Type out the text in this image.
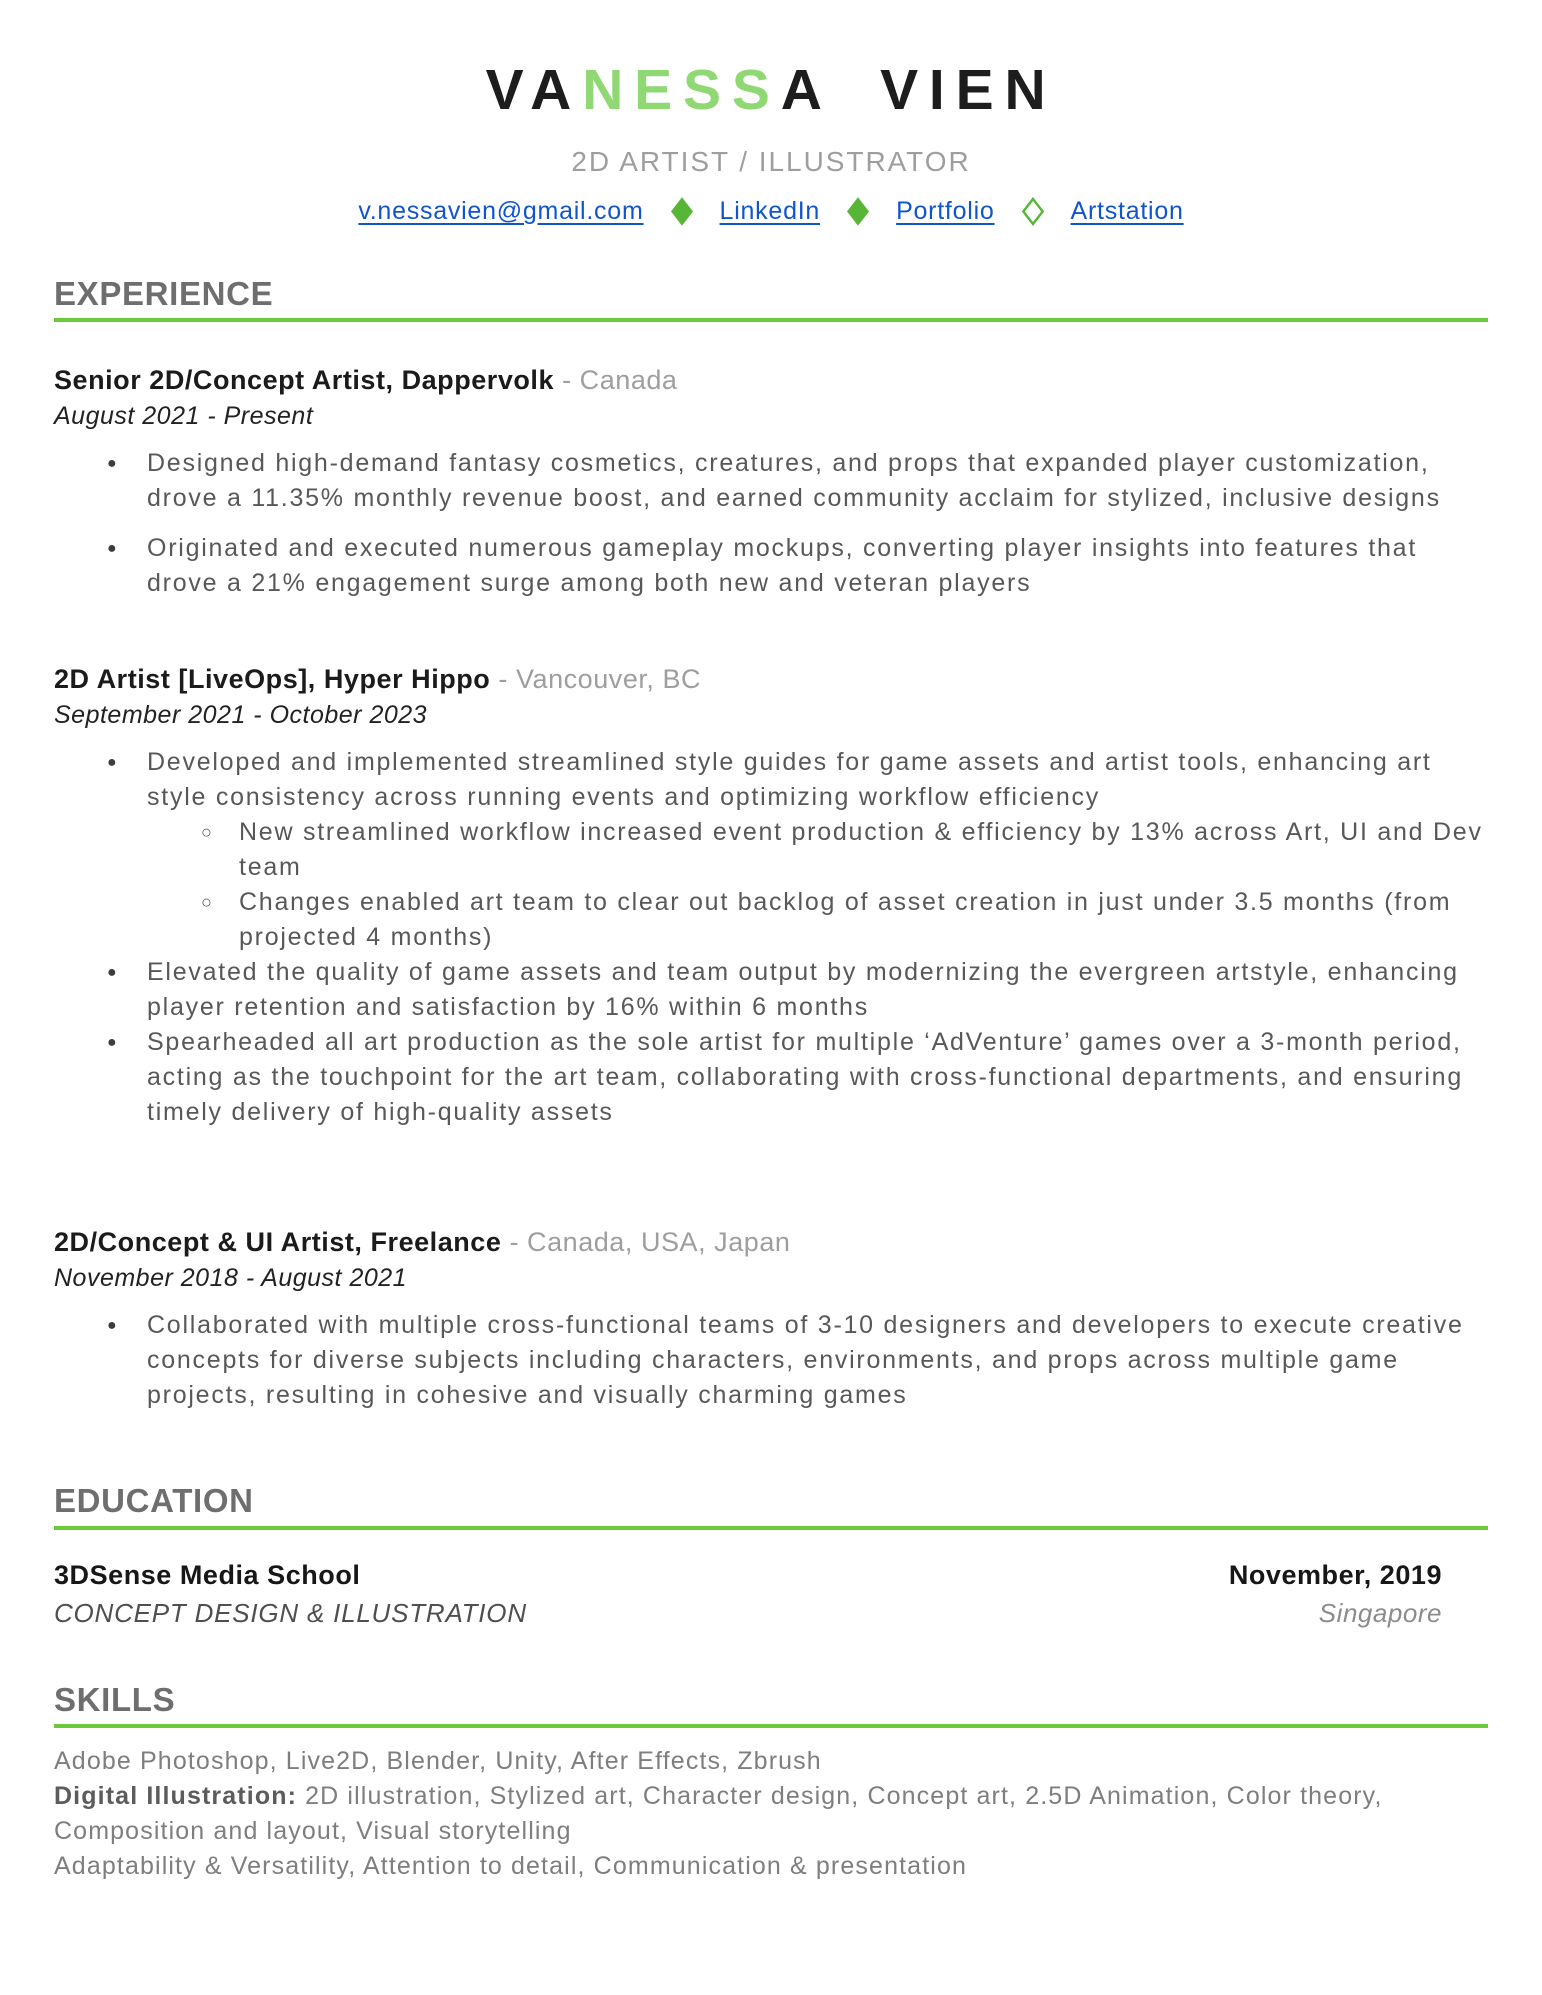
VANESSA VIEN
2D ARTIST / ILLUSTRATOR
v.nessavien@gmail.com	LinkedIn	Portfolio	Artstation
EXPERIENCE
Senior 2D/Concept Artist, Dappervolk - Canada
August 2021 - Present
● Designed high-demand fantasy cosmetics, creatures, and props that expanded player customization, drove a 11.35% monthly revenue boost, and earned community acclaim for stylized, inclusive designs
● Originated and executed numerous gameplay mockups, converting player insights into features that drove a 21% engagement surge among both new and veteran players
2D Artist [LiveOps], Hyper Hippo - Vancouver, BC
September 2021 - October 2023
● Developed and implemented streamlined style guides for game assets and artist tools, enhancing art style consistency across running events and optimizing workflow efficiency
○ New streamlined workflow increased event production & efficiency by 13% across Art, UI and Dev team
○ Changes enabled art team to clear out backlog of asset creation in just under 3.5 months (from projected 4 months)
● Elevated the quality of game assets and team output by modernizing the evergreen artstyle, enhancing player retention and satisfaction by 16% within 6 months
● Spearheaded all art production as the sole artist for multiple ‘AdVenture’ games over a 3-month period, acting as the touchpoint for the art team, collaborating with cross-functional departments, and ensuring timely delivery of high-quality assets
2D/Concept & UI Artist, Freelance - Canada, USA, Japan
November 2018 - August 2021
● Collaborated with multiple cross-functional teams of 3-10 designers and developers to execute creative concepts for diverse subjects including characters, environments, and props across multiple game projects, resulting in cohesive and visually charming games
EDUCATION
3DSense Media School	November, 2019
CONCEPT DESIGN & ILLUSTRATION	Singapore
SKILLS
Adobe Photoshop, Live2D, Blender, Unity, After Effects, Zbrush
Digital Illustration: 2D illustration, Stylized art, Character design, Concept art, 2.5D Animation, Color theory, Composition and layout, Visual storytelling
Adaptability & Versatility, Attention to detail, Communication & presentation
